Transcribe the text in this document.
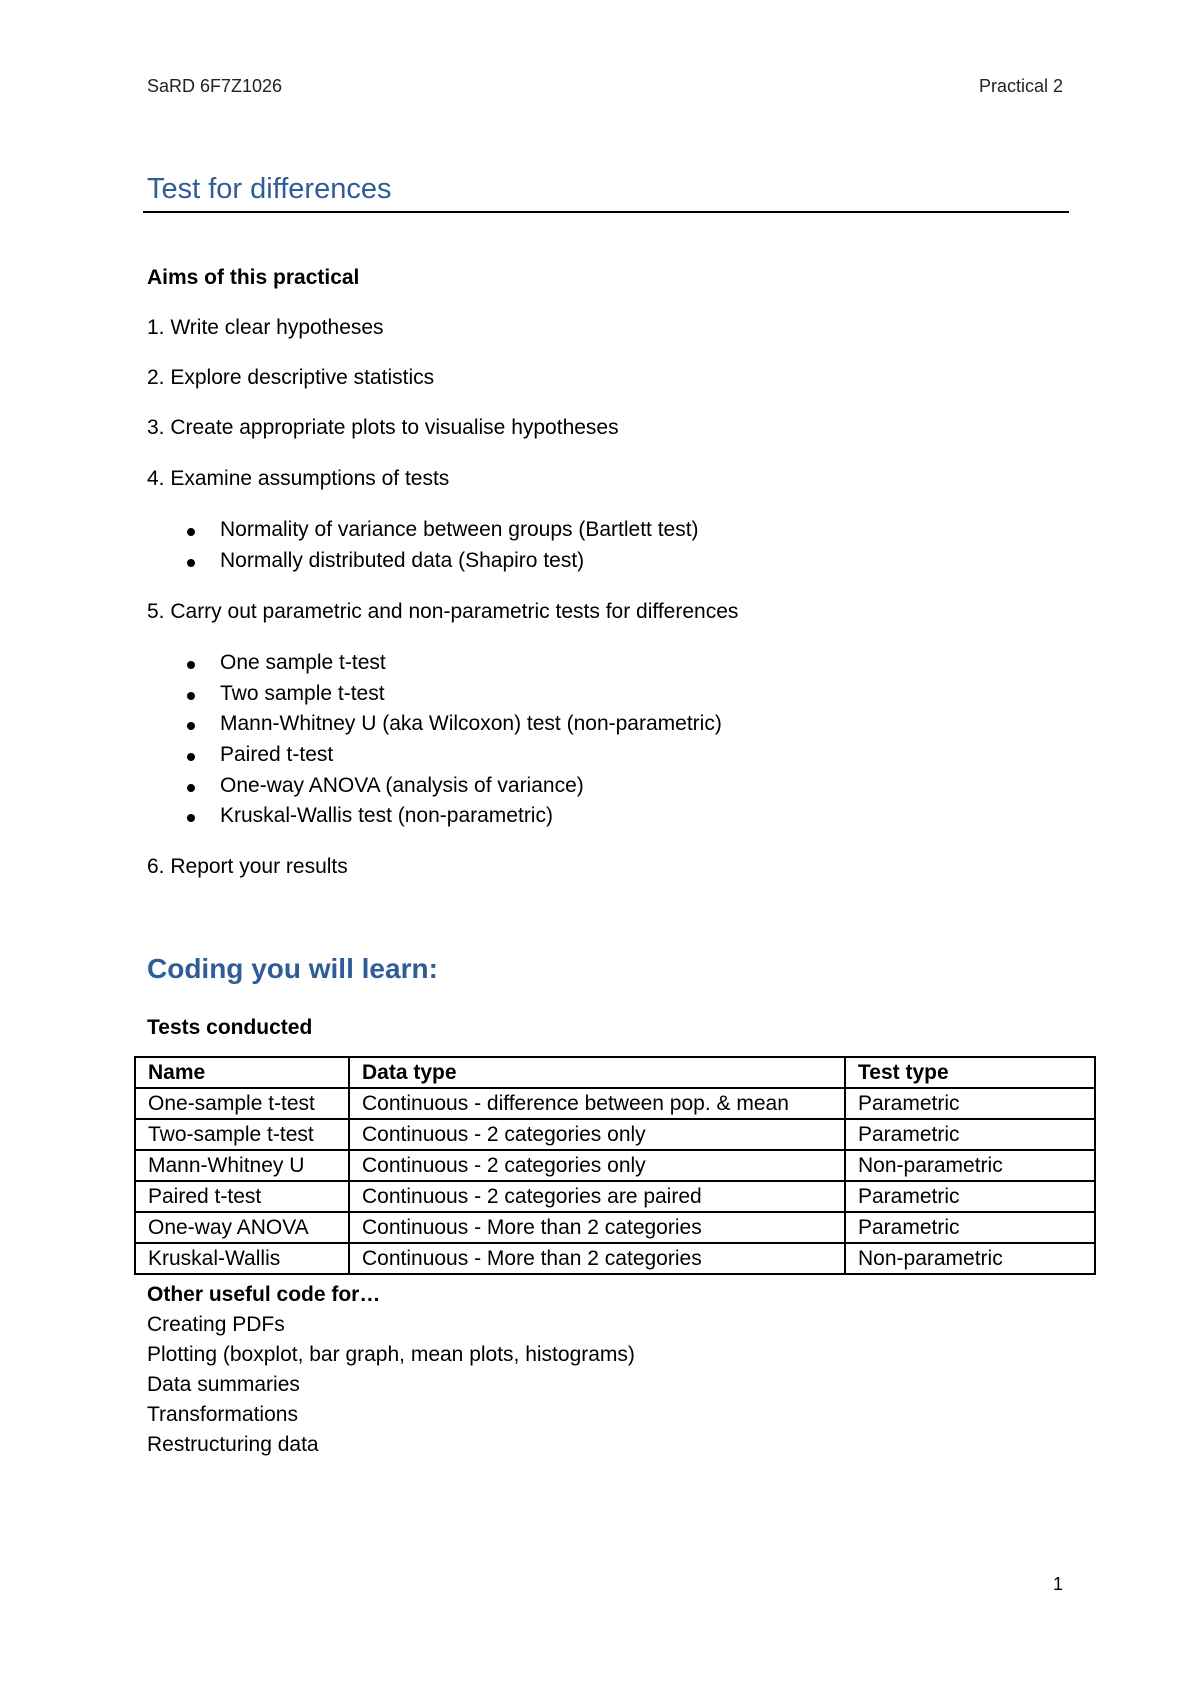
SaRD 6F7Z1026	Practical 2
Test for differences
Aims of this practical
1. Write clear hypotheses
2. Explore descriptive statistics
3. Create appropriate plots to visualise hypotheses
4. Examine assumptions of tests
Normality of variance between groups (Bartlett test)
Normally distributed data (Shapiro test)
5. Carry out parametric and non-parametric tests for differences
One sample t-test
Two sample t-test
Mann-Whitney U (aka Wilcoxon) test (non-parametric)
Paired t-test
One-way ANOVA (analysis of variance)
Kruskal-Wallis test (non-parametric)
6. Report your results
Coding you will learn:
Tests conducted
Name	Data type	Test type
One-sample t-test	Continuous - difference between pop. & mean	Parametric
Two-sample t-test	Continuous - 2 categories only	Parametric
Mann-Whitney U	Continuous - 2 categories only	Non-parametric
Paired t-test	Continuous - 2 categories are paired	Parametric
One-way ANOVA	Continuous - More than 2 categories	Parametric
Kruskal-Wallis	Continuous - More than 2 categories	Non-parametric
Other useful code for…
Creating PDFs
Plotting (boxplot, bar graph, mean plots, histograms)
Data summaries
Transformations
Restructuring data
1
